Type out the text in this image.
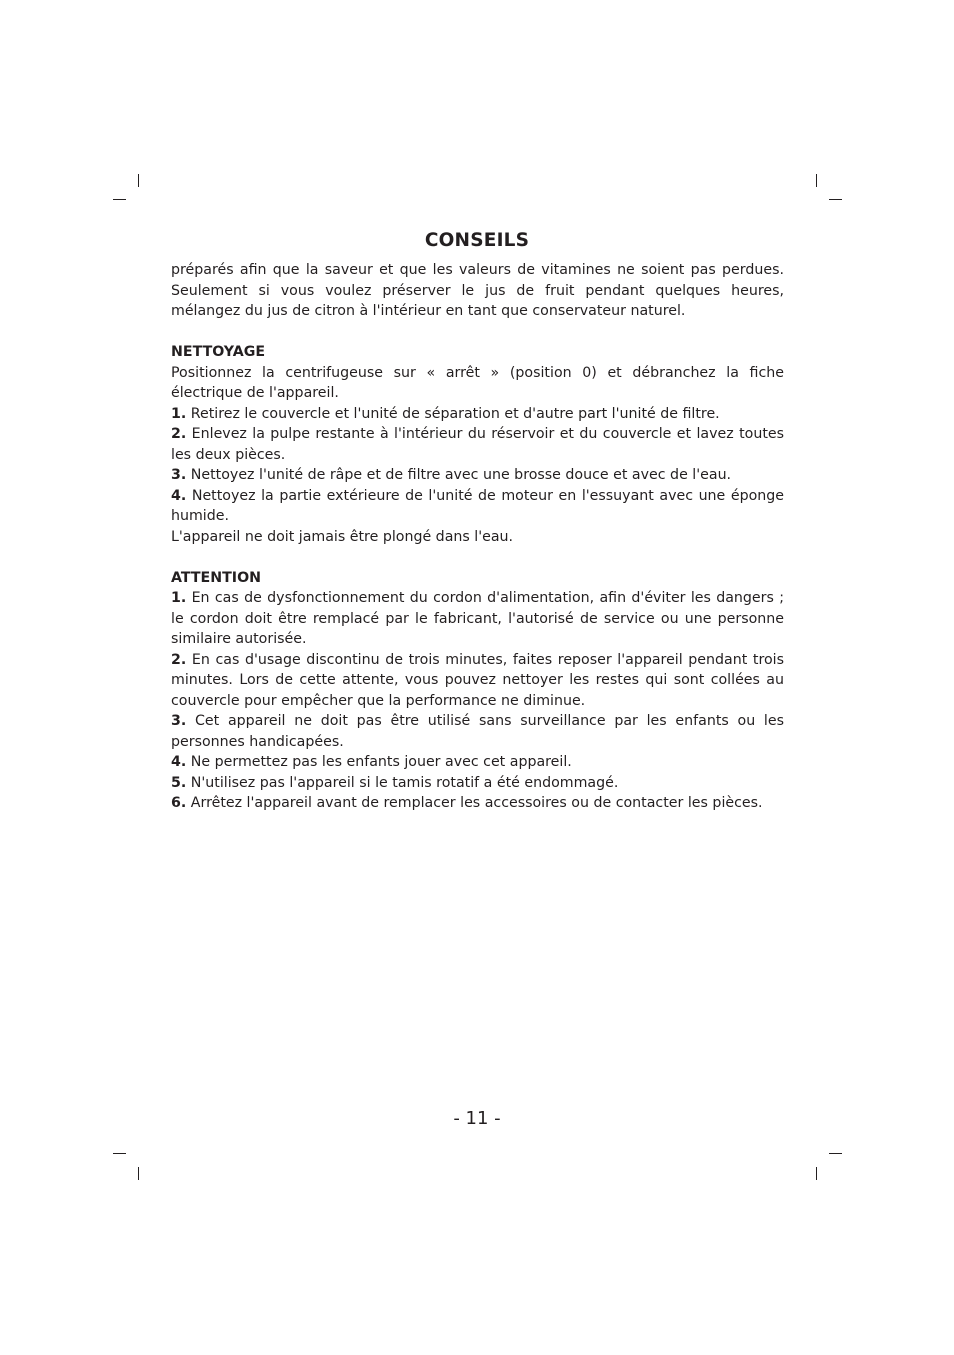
CONSEILS

préparés afin que la saveur et que les valeurs de vitamines ne soient pas perdues. Seulement si vous voulez préserver le jus de fruit pendant quelques heures, mélangez du jus de citron à l'intérieur en tant que conservateur naturel.

NETTOYAGE

Positionnez la centrifugeuse sur « arrêt » (position 0) et débranchez la fiche électrique de l'appareil.

1. Retirez le couvercle et l'unité de séparation et d'autre part l'unité de filtre.

2. Enlevez la pulpe restante à l'intérieur du réservoir et du couvercle et lavez toutes les deux pièces.

3. Nettoyez l'unité de râpe et de filtre avec une brosse douce et avec de l'eau.

4. Nettoyez la partie extérieure de l'unité de moteur en l'essuyant avec une éponge humide.

L'appareil ne doit jamais être plongé dans l'eau.

ATTENTION

1. En cas de dysfonctionnement du cordon d'alimentation, afin d'éviter les dangers ; le cordon doit être remplacé par le fabricant, l'autorisé de service ou une personne similaire autorisée.

2. En cas d'usage discontinu de trois minutes, faites reposer l'appareil pendant trois minutes. Lors de cette attente, vous pouvez nettoyer les restes qui sont collées au couvercle pour empêcher que la performance ne diminue.

3. Cet appareil ne doit pas être utilisé sans surveillance par les enfants ou les personnes handicapées.

4. Ne permettez pas les enfants jouer avec cet appareil.

5. N'utilisez pas l'appareil si le tamis rotatif a été endommagé.

6. Arrêtez l'appareil avant de remplacer les accessoires ou de contacter les pièces.

- 11 -
